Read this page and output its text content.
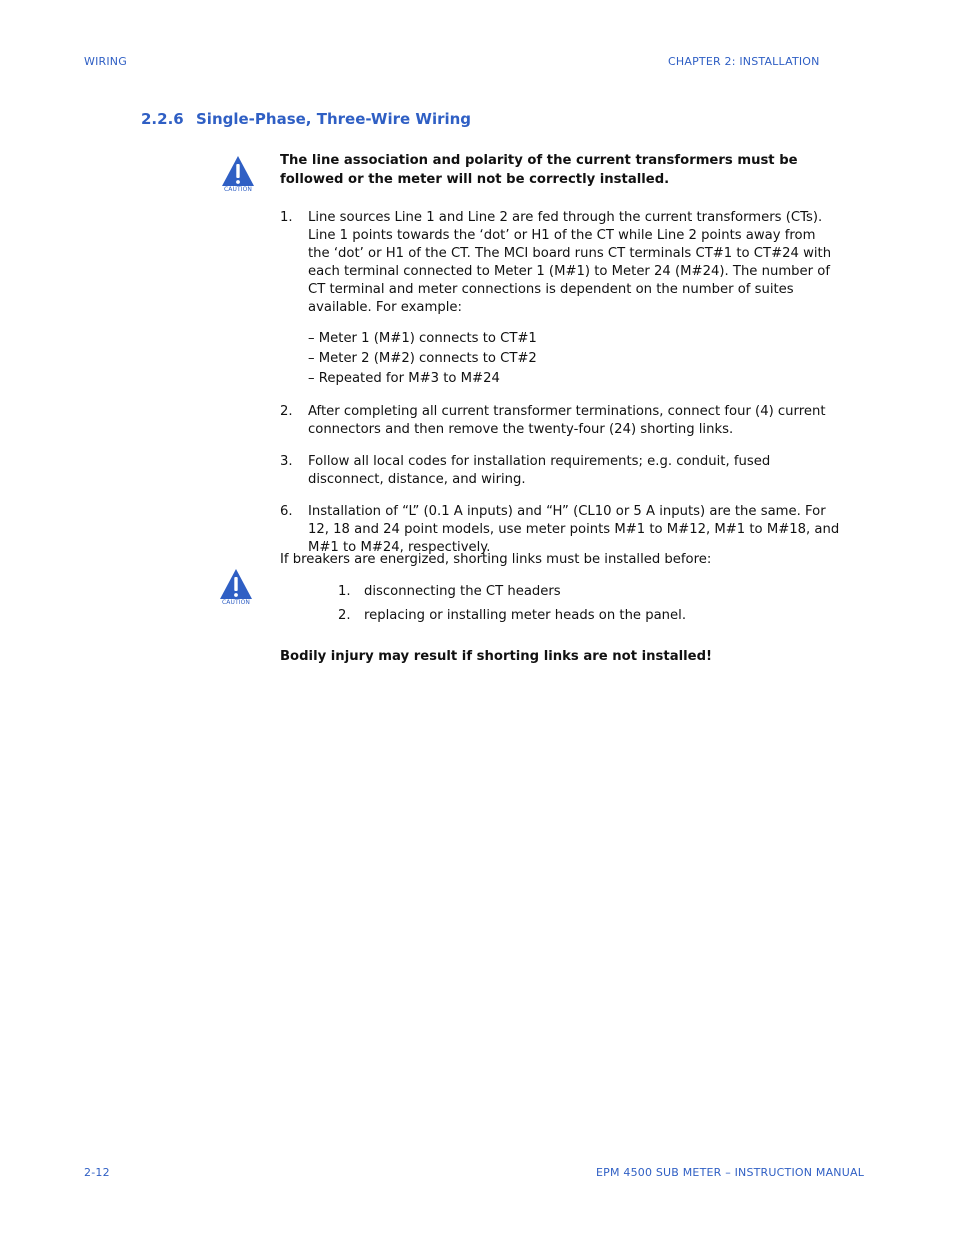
WIRING	CHAPTER 2: INSTALLATION
2.2.6 Single-Phase, Three-Wire Wiring
CAUTION
The line association and polarity of the current transformers must be followed or the meter will not be correctly installed.
1. Line sources Line 1 and Line 2 are fed through the current transformers (CTs). Line 1 points towards the ‘dot’ or H1 of the CT while Line 2 points away from the ‘dot’ or H1 of the CT. The MCI board runs CT terminals CT#1 to CT#24 with each terminal connected to Meter 1 (M#1) to Meter 24 (M#24). The number of CT terminal and meter connections is dependent on the number of suites available. For example:
– Meter 1 (M#1) connects to CT#1
– Meter 2 (M#2) connects to CT#2
– Repeated for M#3 to M#24
2. After completing all current transformer terminations, connect four (4) current connectors and then remove the twenty-four (24) shorting links.
3. Follow all local codes for installation requirements; e.g. conduit, fused disconnect, distance, and wiring.
6. Installation of “L” (0.1 A inputs) and “H” (CL10 or 5 A inputs) are the same. For 12, 18 and 24 point models, use meter points M#1 to M#12, M#1 to M#18, and M#1 to M#24, respectively.
If breakers are energized, shorting links must be installed before:
CAUTION
1. disconnecting the CT headers
2. replacing or installing meter heads on the panel.
Bodily injury may result if shorting links are not installed!
2-12	EPM 4500 SUB METER – INSTRUCTION MANUAL
